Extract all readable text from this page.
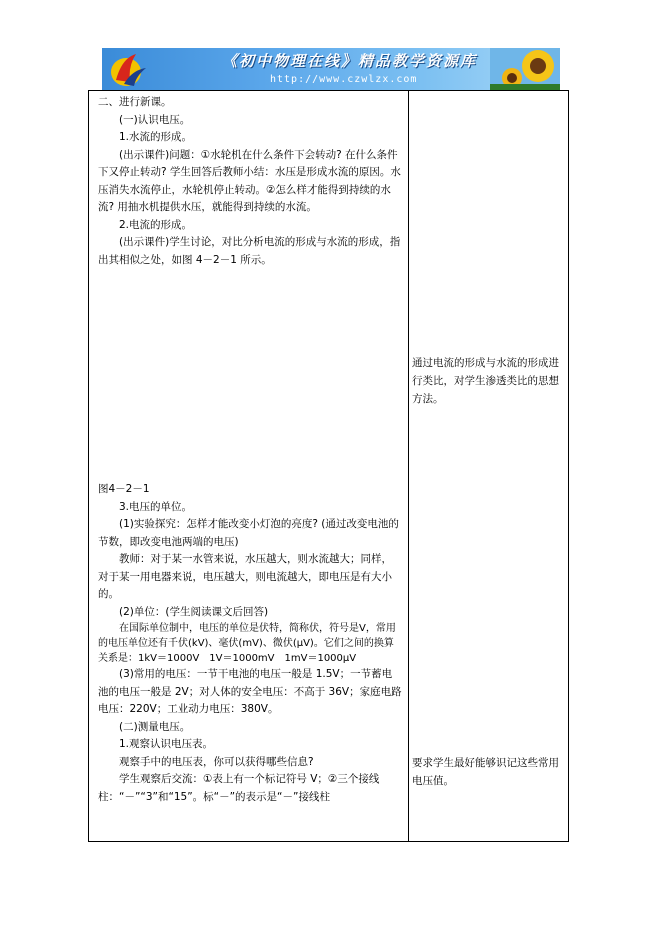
《初中物理在线》精品教学资源库
http://www.czwlzx.com

二、进行新课。

(一)认识电压。

1.水流的形成。

(出示课件)问题：①水轮机在什么条件下会转动? 在什么条件下又停止转动? 学生回答后教师小结：水压是形成水流的原因。水压消失水流停止，水轮机停止转动。②怎么样才能得到持续的水流? 用抽水机提供水压，就能得到持续的水流。

2.电流的形成。

(出示课件)学生讨论，对比分析电流的形成与水流的形成，指出其相似之处，如图 4－2－1 所示。

图4－2－1

3.电压的单位。

(1)实验探究：怎样才能改变小灯泡的亮度? (通过改变电池的节数，即改变电池两端的电压)

教师：对于某一水管来说，水压越大，则水流越大；同样，对于某一用电器来说，电压越大，则电流越大，即电压是有大小的。

(2)单位：(学生阅读课文后回答)

在国际单位制中，电压的单位是伏特，简称伏，符号是V，常用的电压单位还有千伏(kV)、毫伏(mV)、微伏(μV)。它们之间的换算关系是：1kV＝1000V　1V＝1000mV　1mV＝1000μV

(3)常用的电压：一节干电池的电压一般是 1.5V；一节蓄电池的电压一般是 2V；对人体的安全电压：不高于 36V；家庭电路电压：220V；工业动力电压：380V。

(二)测量电压。

1.观察认识电压表。

观察手中的电压表，你可以获得哪些信息?

学生观察后交流：①表上有一个标记符号 V；②三个接线柱：“－”“3”和“15”。标“－”的表示是“－”接线柱

通过电流的形成与水流的形成进行类比，对学生渗透类比的思想方法。

要求学生最好能够识记这些常用电压值。
